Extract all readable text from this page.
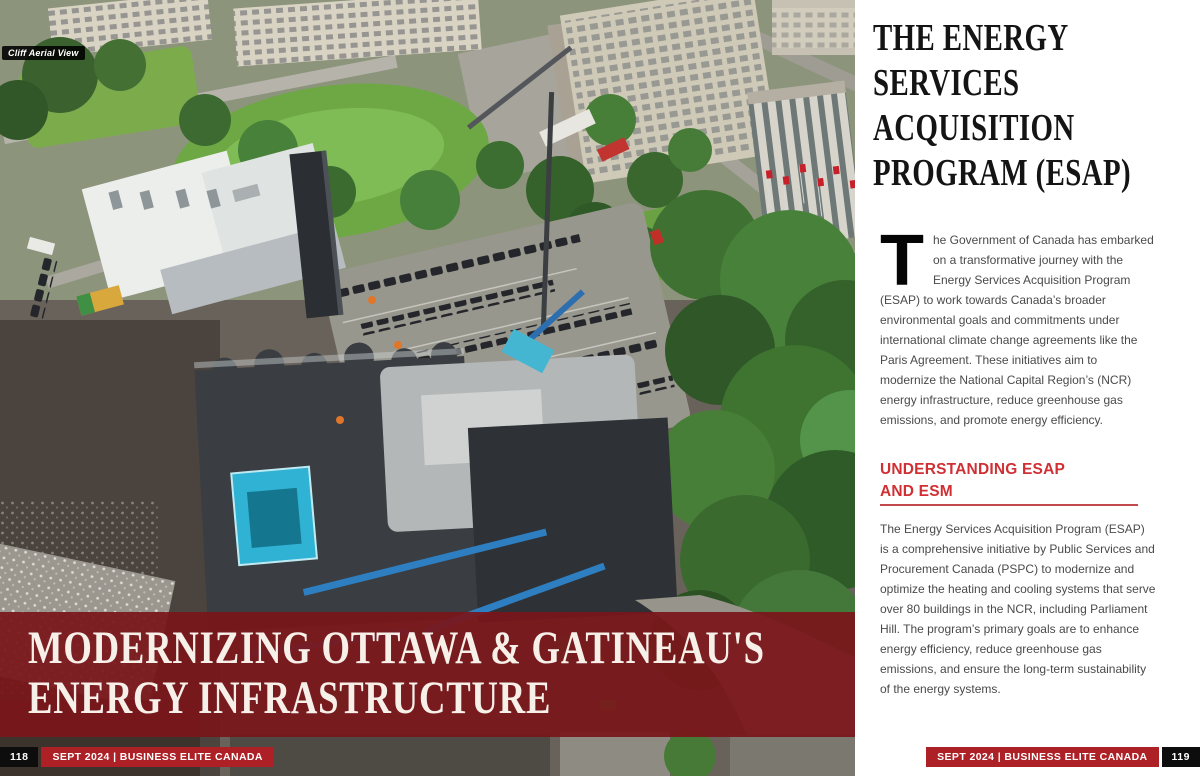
Cliff Aerial View
MODERNIZING OTTAWA & GATINEAU'S
ENERGY INFRASTRUCTURE
118	SEPT 2024 | BUSINESS ELITE CANADA
THE ENERGY
SERVICES
ACQUISITION
PROGRAM (ESAP)
The Government of Canada has embarked on a transformative journey with the Energy Services Acquisition Program (ESAP) to work towards Canada’s broader environmental goals and commitments under international climate change agreements like the Paris Agreement. These initiatives aim to modernize the National Capital Region’s (NCR) energy infrastructure, reduce greenhouse gas emissions, and promote energy efficiency.
UNDERSTANDING ESAP
AND ESM
The Energy Services Acquisition Program (ESAP) is a comprehensive initiative by Public Services and Procurement Canada (PSPC) to modernize and optimize the heating and cooling systems that serve over 80 buildings in the NCR, including Parliament Hill. The program’s primary goals are to enhance energy efficiency, reduce greenhouse gas emissions, and ensure the long-term sustainability of the energy systems.
SEPT 2024 | BUSINESS ELITE CANADA	119
